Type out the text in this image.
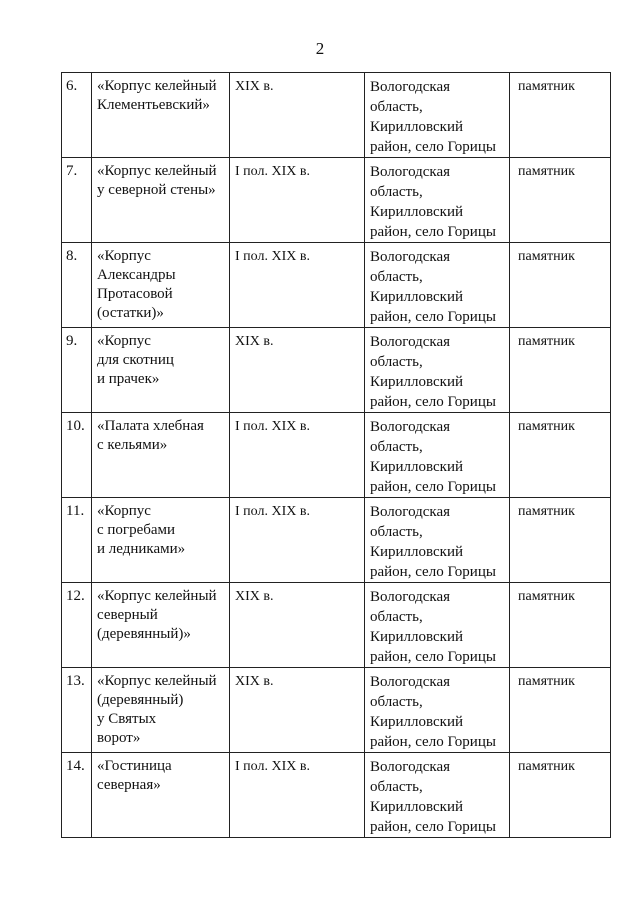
2
6.	«Корпус келейный
Клементьевский»	XIX в.	Вологодская
область,
Кирилловский
район, село Горицы	памятник
7.	«Корпус келейный
у северной стены»	I пол. XIX в.	Вологодская
область,
Кирилловский
район, село Горицы	памятник
8.	«Корпус
Александры
Протасовой
(остатки)»	I пол. XIX в.	Вологодская
область,
Кирилловский
район, село Горицы	памятник
9.	«Корпус
для скотниц
и прачек»	XIX в.	Вологодская
область,
Кирилловский
район, село Горицы	памятник
10.	«Палата хлебная
с кельями»	I пол. XIX в.	Вологодская
область,
Кирилловский
район, село Горицы	памятник
11.	«Корпус
с погребами
и ледниками»	I пол. XIX в.	Вологодская
область,
Кирилловский
район, село Горицы	памятник
12.	«Корпус келейный
северный
(деревянный)»	XIX в.	Вологодская
область,
Кирилловский
район, село Горицы	памятник
13.	«Корпус келейный
(деревянный)
у Святых
ворот»	XIX в.	Вологодская
область,
Кирилловский
район, село Горицы	памятник
14.	«Гостиница
северная»	I пол. XIX в.	Вологодская
область,
Кирилловский
район, село Горицы	памятник
